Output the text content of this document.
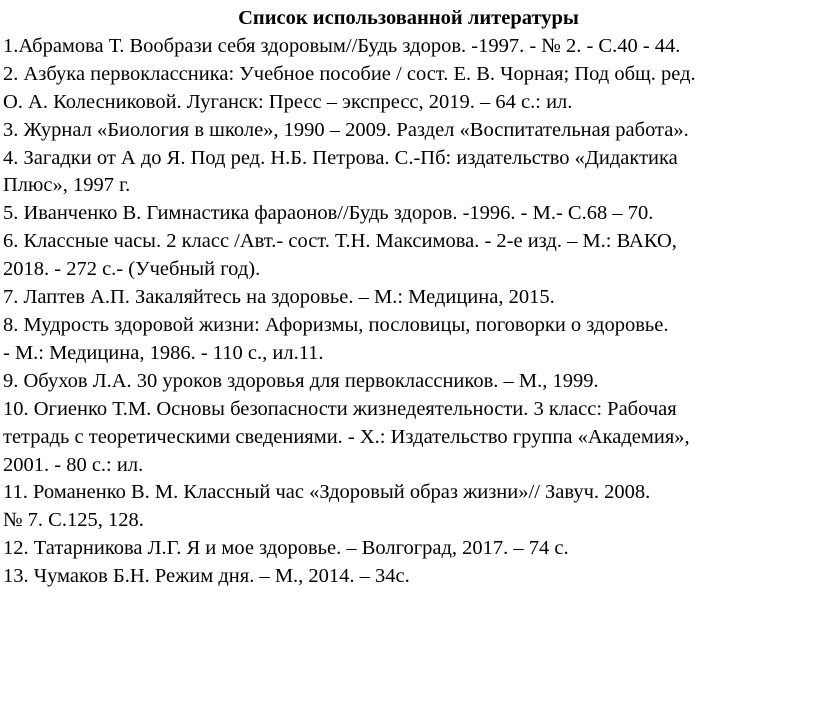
Список использованной литературы
1.Абрамова Т. Вообрази себя здоровым//Будь здоров. -1997. - № 2. - С.40 - 44.
2. Азбука первоклассника: Учебное пособие / сост. Е. В. Чорная; Под общ. ред.
О. А. Колесниковой. Луганск: Пресс – экспресс, 2019. – 64 с.: ил.
3. Журнал «Биология в школе», 1990 – 2009. Раздел «Воспитательная работа».
4. Загадки от А до Я. Под ред. Н.Б. Петрова. С.-Пб: издательство «Дидактика
Плюс», 1997 г.
5. Иванченко В. Гимнастика фараонов//Будь здоров. -1996. - М.- С.68 – 70.
6. Классные часы. 2 класс /Авт.- сост. Т.Н. Максимова. - 2-е изд. – М.: ВАКО,
2018. - 272 с.- (Учебный год).
7. Лаптев А.П. Закаляйтесь на здоровье. – М.: Медицина, 2015.
8. Мудрость здоровой жизни: Афоризмы, пословицы, поговорки о здоровье.
- М.: Медицина, 1986. - 110 с., ил.11.
9. Обухов Л.А. 30 уроков здоровья для первоклассников. – М., 1999.
10. Огиенко Т.М. Основы безопасности жизнедеятельности. 3 класс: Рабочая
тетрадь с теоретическими сведениями. - Х.: Издательство группа «Академия»,
2001. - 80 с.: ил.
11. Романенко В. М. Классный час «Здоровый образ жизни»// Завуч. 2008.
№ 7. С.125, 128.
12. Татарникова Л.Г. Я и мое здоровье. – Волгоград, 2017. – 74 с.
13. Чумаков Б.Н. Режим дня. – М., 2014. – 34с.
